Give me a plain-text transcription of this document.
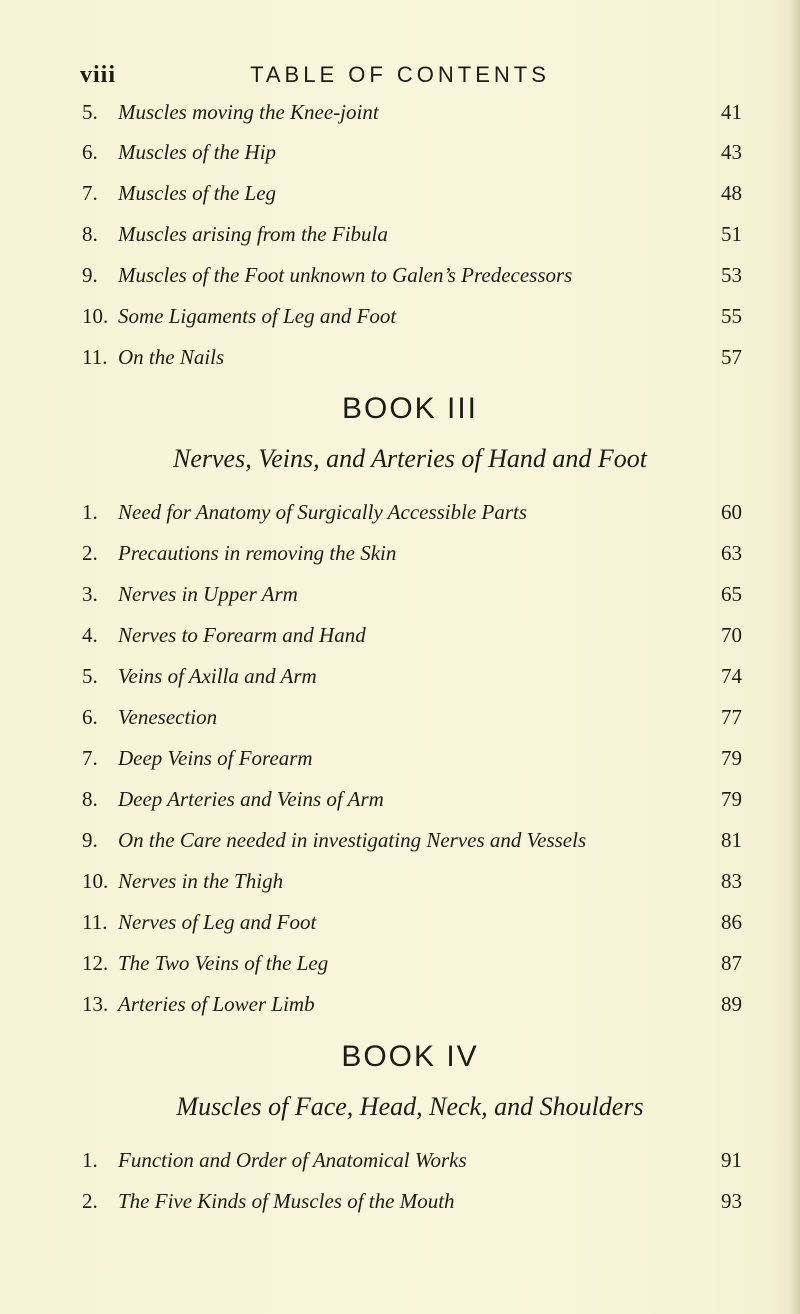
viii	TABLE OF CONTENTS
5. Muscles moving the Knee-joint	41
6. Muscles of the Hip	43
7. Muscles of the Leg	48
8. Muscles arising from the Fibula	51
9. Muscles of the Foot unknown to Galen’s Predecessors	53
10. Some Ligaments of Leg and Foot	55
11. On the Nails	57
BOOK III
Nerves, Veins, and Arteries of Hand and Foot
1. Need for Anatomy of Surgically Accessible Parts	60
2. Precautions in removing the Skin	63
3. Nerves in Upper Arm	65
4. Nerves to Forearm and Hand	70
5. Veins of Axilla and Arm	74
6. Venesection	77
7. Deep Veins of Forearm	79
8. Deep Arteries and Veins of Arm	79
9. On the Care needed in investigating Nerves and Vessels	81
10. Nerves in the Thigh	83
11. Nerves of Leg and Foot	86
12. The Two Veins of the Leg	87
13. Arteries of Lower Limb	89
BOOK IV
Muscles of Face, Head, Neck, and Shoulders
1. Function and Order of Anatomical Works	91
2. The Five Kinds of Muscles of the Mouth	93
